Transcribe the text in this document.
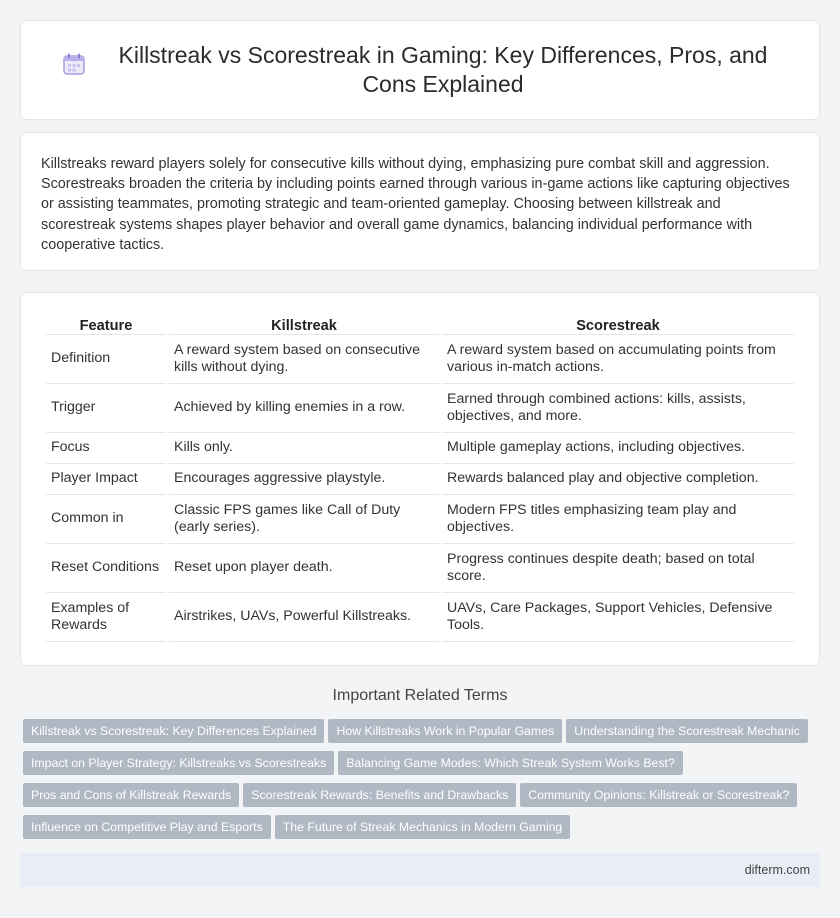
Killstreak vs Scorestreak in Gaming: Key Differences, Pros, and Cons Explained

Killstreaks reward players solely for consecutive kills without dying, emphasizing pure combat skill and aggression. Scorestreaks broaden the criteria by including points earned through various in-game actions like capturing objectives or assisting teammates, promoting strategic and team-oriented gameplay. Choosing between killstreak and scorestreak systems shapes player behavior and overall game dynamics, balancing individual performance with cooperative tactics.

Feature	Killstreak	Scorestreak
Definition	A reward system based on consecutive kills without dying.	A reward system based on accumulating points from various in-match actions.
Trigger	Achieved by killing enemies in a row.	Earned through combined actions: kills, assists, objectives, and more.
Focus	Kills only.	Multiple gameplay actions, including objectives.
Player Impact	Encourages aggressive playstyle.	Rewards balanced play and objective completion.
Common in	Classic FPS games like Call of Duty (early series).	Modern FPS titles emphasizing team play and objectives.
Reset Conditions	Reset upon player death.	Progress continues despite death; based on total score.
Examples of Rewards	Airstrikes, UAVs, Powerful Killstreaks.	UAVs, Care Packages, Support Vehicles, Defensive Tools.
Important Related Terms
Killstreak vs Scorestreak: Key Differences Explained How Killstreaks Work in Popular Games Understanding the Scorestreak Mechanic
Impact on Player Strategy: Killstreaks vs Scorestreaks Balancing Game Modes: Which Streak System Works Best?
Pros and Cons of Killstreak Rewards Scorestreak Rewards: Benefits and Drawbacks Community Opinions: Killstreak or Scorestreak?
Influence on Competitive Play and Esports The Future of Streak Mechanics in Modern Gaming
difterm.com
